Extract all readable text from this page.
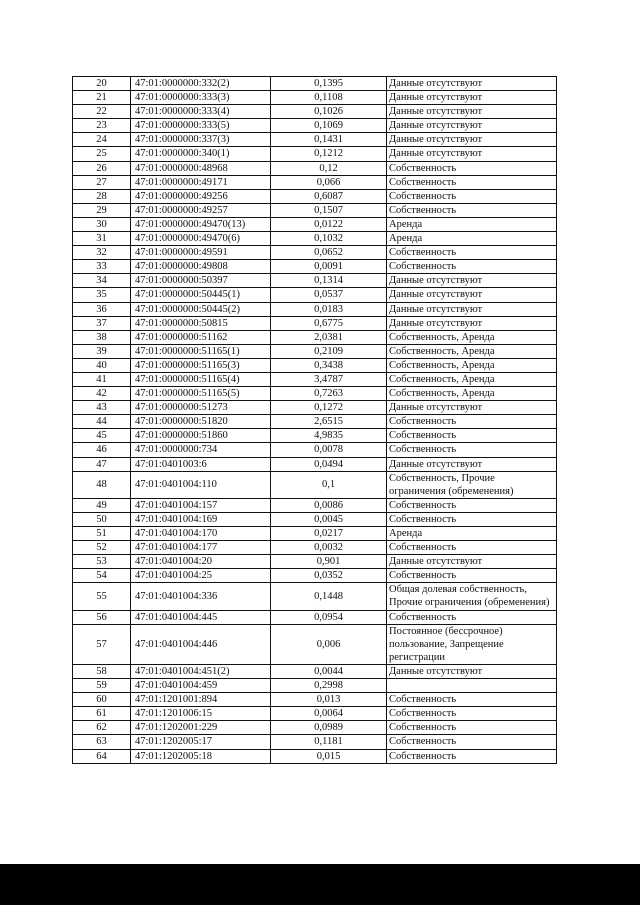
20	47:01:0000000:332(2)	0,1395	Данные отсутствуют
21	47:01:0000000:333(3)	0,1108	Данные отсутствуют
22	47:01:0000000:333(4)	0,1026	Данные отсутствуют
23	47:01:0000000:333(5)	0,1069	Данные отсутствуют
24	47:01:0000000:337(3)	0,1431	Данные отсутствуют
25	47:01:0000000:340(1)	0,1212	Данные отсутствуют
26	47:01:0000000:48968	0,12	Собственность
27	47:01:0000000:49171	0,066	Собственность
28	47:01:0000000:49256	0,6087	Собственность
29	47:01:0000000:49257	0,1507	Собственность
30	47:01:0000000:49470(13)	0,0122	Аренда
31	47:01:0000000:49470(6)	0,1032	Аренда
32	47:01:0000000:49591	0,0652	Собственность
33	47:01:0000000:49808	0,0091	Собственность
34	47:01:0000000:50397	0,1314	Данные отсутствуют
35	47:01:0000000:50445(1)	0,0537	Данные отсутствуют
36	47:01:0000000:50445(2)	0,0183	Данные отсутствуют
37	47:01:0000000:50815	0,6775	Данные отсутствуют
38	47:01:0000000:51162	2,0381	Собственность, Аренда
39	47:01:0000000:51165(1)	0,2109	Собственность, Аренда
40	47:01:0000000:51165(3)	0,3438	Собственность, Аренда
41	47:01:0000000:51165(4)	3,4787	Собственность, Аренда
42	47:01:0000000:51165(5)	0,7263	Собственность, Аренда
43	47:01:0000000:51273	0,1272	Данные отсутствуют
44	47:01:0000000:51820	2,6515	Собственность
45	47:01:0000000:51860	4,9835	Собственность
46	47:01:0000000:734	0,0078	Собственность
47	47:01:0401003:6	0,0494	Данные отсутствуют
48	47:01:0401004:110	0,1	Собственность, Прочие ограничения (обременения)
49	47:01:0401004:157	0,0086	Собственность
50	47:01:0401004:169	0,0045	Собственность
51	47:01:0401004:170	0,0217	Аренда
52	47:01:0401004:177	0,0032	Собственность
53	47:01:0401004:20	0,901	Данные отсутствуют
54	47:01:0401004:25	0,0352	Собственность
55	47:01:0401004:336	0,1448	Общая долевая собственность, Прочие ограничения (обременения)
56	47:01:0401004:445	0,0954	Собственность
57	47:01:0401004:446	0,006	Постоянное (бессрочное) пользование, Запрещение регистрации
58	47:01:0401004:451(2)	0,0044	Данные отсутствуют
59	47:01:0401004:459	0,2998	
60	47:01:1201001:894	0,013	Собственность
61	47:01:1201006:15	0,0064	Собственность
62	47:01:1202001:229	0,0989	Собственность
63	47:01:1202005:17	0,1181	Собственность
64	47:01:1202005:18	0,015	Собственность
